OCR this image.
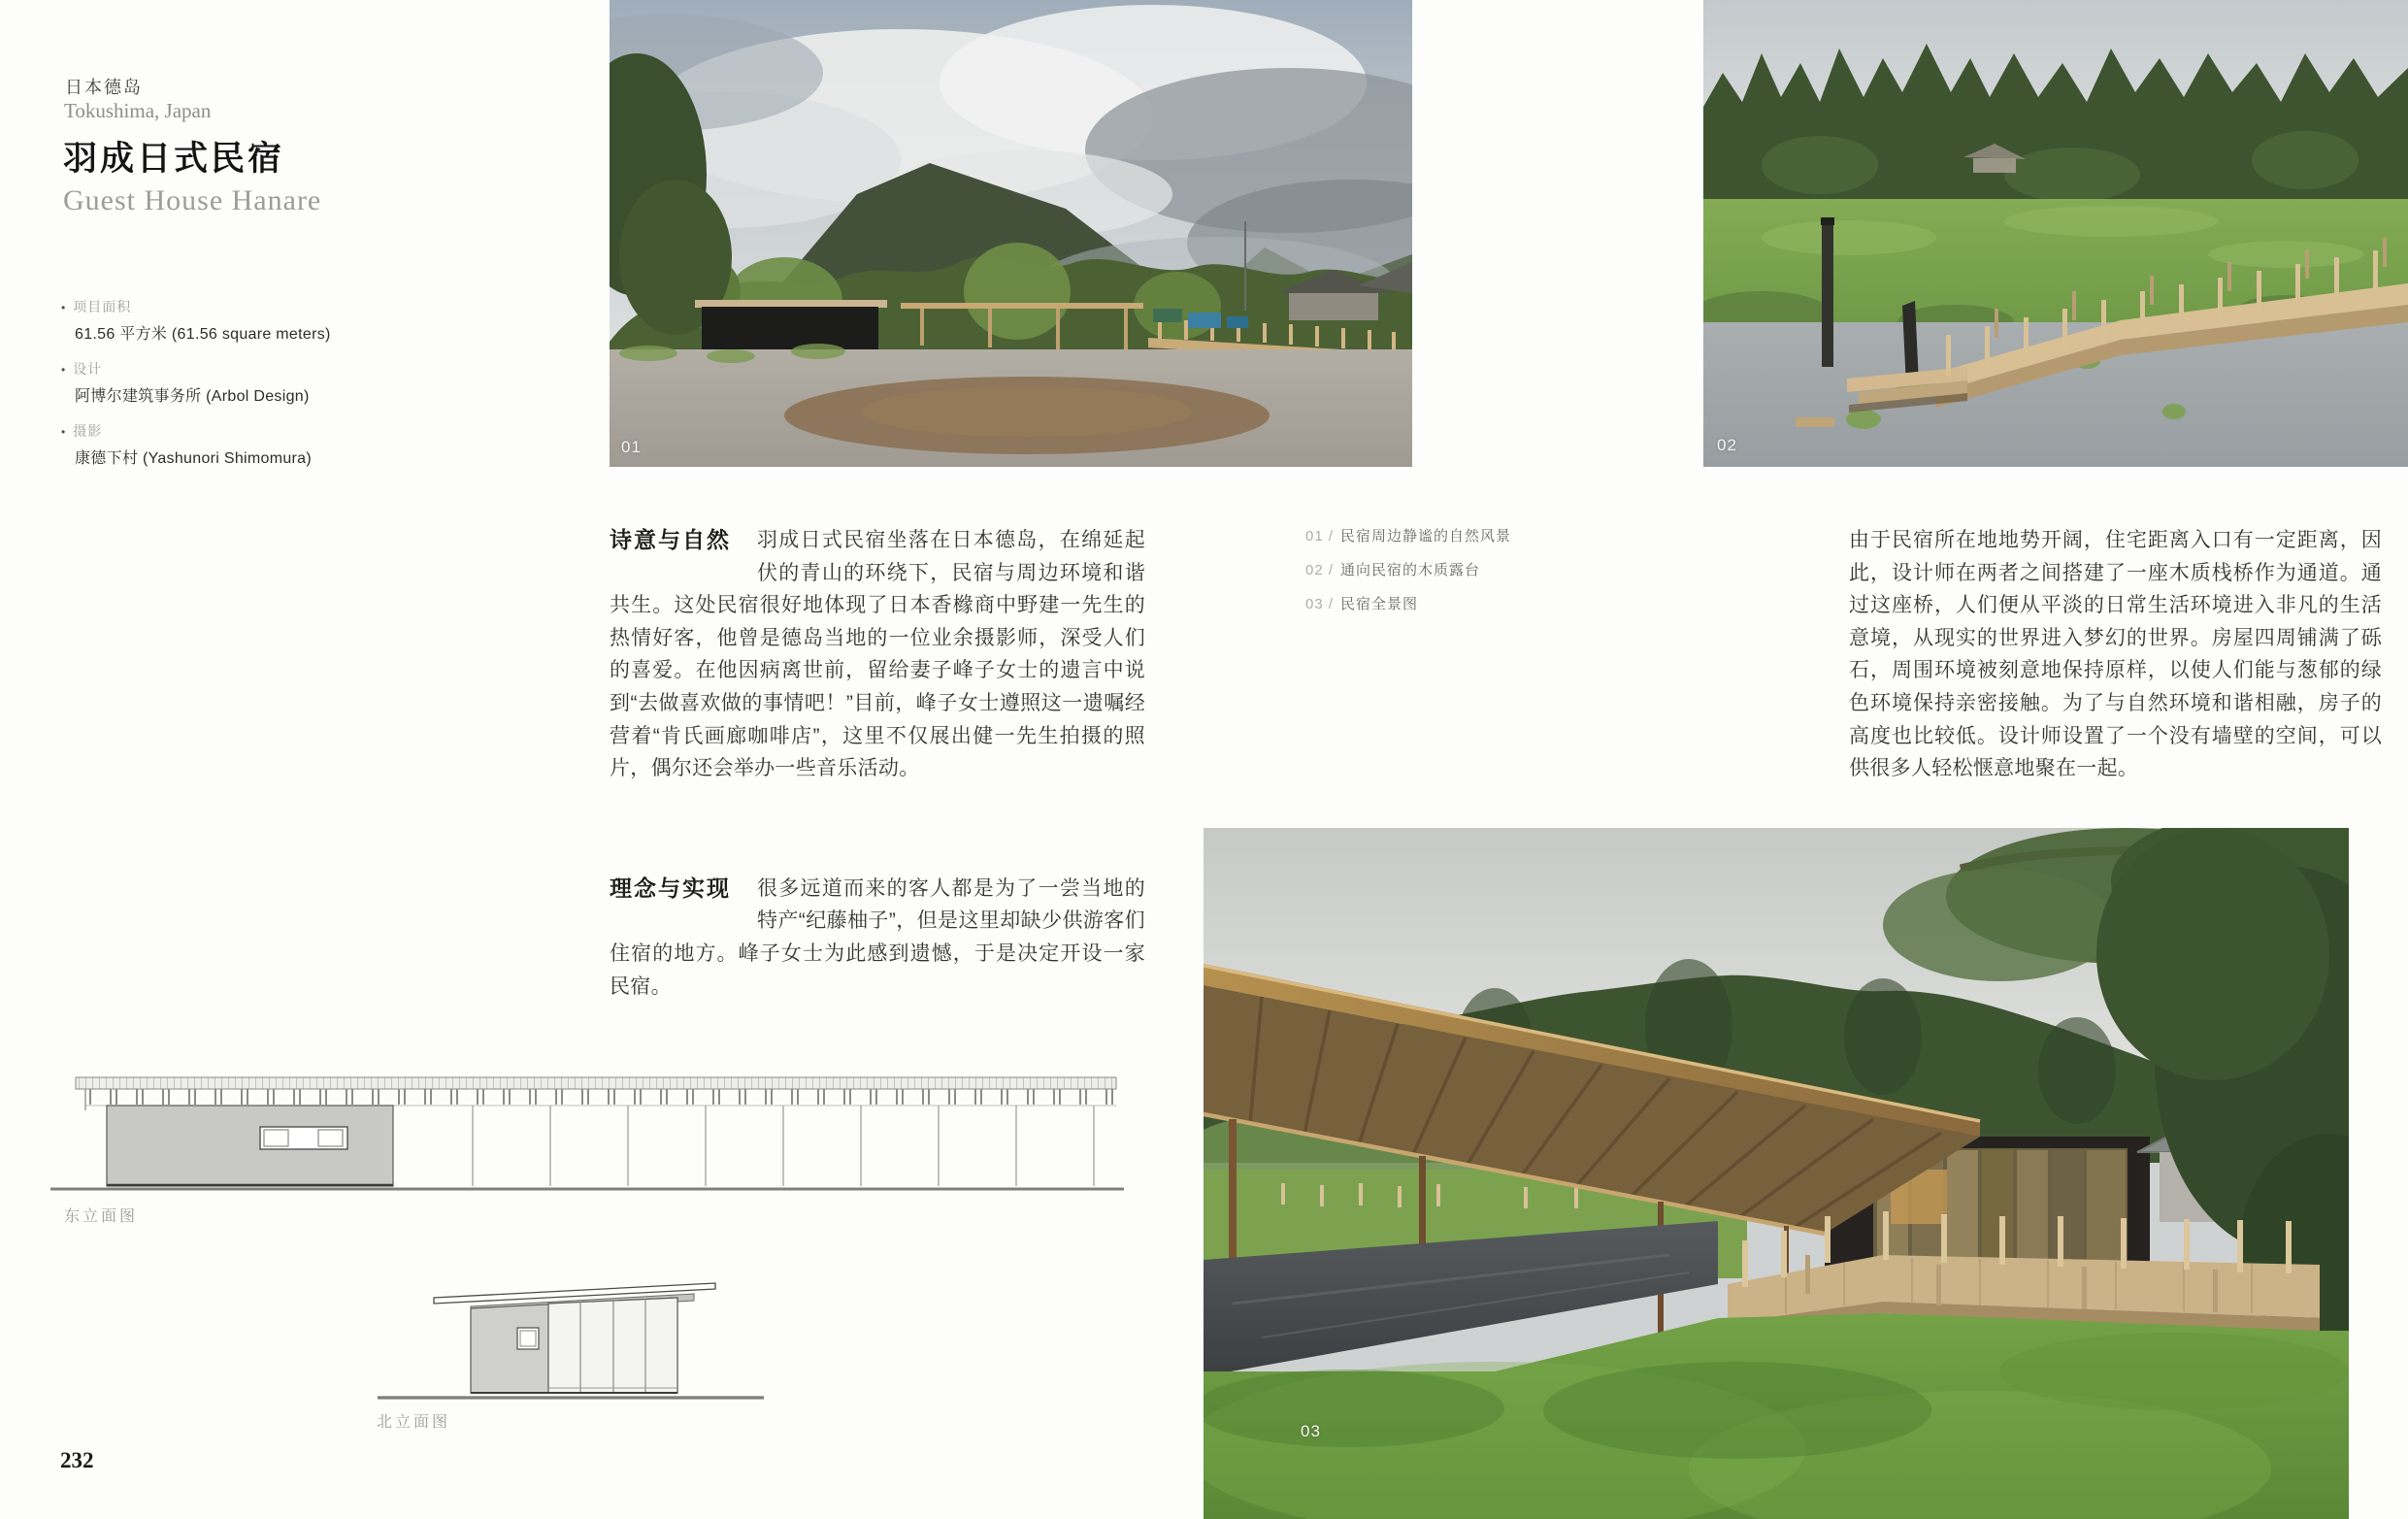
日本德岛
Tokushima, Japan
羽成日式民宿
Guest House Hanare
• 项目面积
61.56 平方米 (61.56 square meters)
• 设计
阿博尔建筑事务所 (Arbol Design)
• 摄影
康德下村 (Yashunori Shimomura)
01	02
诗意与自然	羽成日式民宿坐落在日本德岛，在绵延起伏的青山的环绕下，民宿与周边环境和谐共生。这处民宿很好地体现了日本香橼商中野建一先生的热情好客，他曾是德岛当地的一位业余摄影师，深受人们的喜爱。在他因病离世前，留给妻子峰子女士的遗言中说到“去做喜欢做的事情吧！”目前，峰子女士遵照这一遗嘱经营着“肯氏画廊咖啡店”，这里不仅展出健一先生拍摄的照片，偶尔还会举办一些音乐活动。
理念与实现	很多远道而来的客人都是为了一尝当地的特产“纪藤柚子”，但是这里却缺少供游客们住宿的地方。峰子女士为此感到遗憾，于是决定开设一家民宿。
01 / 民宿周边静谧的自然风景
02 / 通向民宿的木质露台
03 / 民宿全景图
由于民宿所在地地势开阔，住宅距离入口有一定距离，因此，设计师在两者之间搭建了一座木质栈桥作为通道。通过这座桥，人们便从平淡的日常生活环境进入非凡的生活意境，从现实的世界进入梦幻的世界。房屋四周铺满了砾石，周围环境被刻意地保持原样，以使人们能与葱郁的绿色环境保持亲密接触。为了与自然环境和谐相融，房子的高度也比较低。设计师设置了一个没有墙壁的空间，可以供很多人轻松惬意地聚在一起。
东立面图
北立面图	03
232
